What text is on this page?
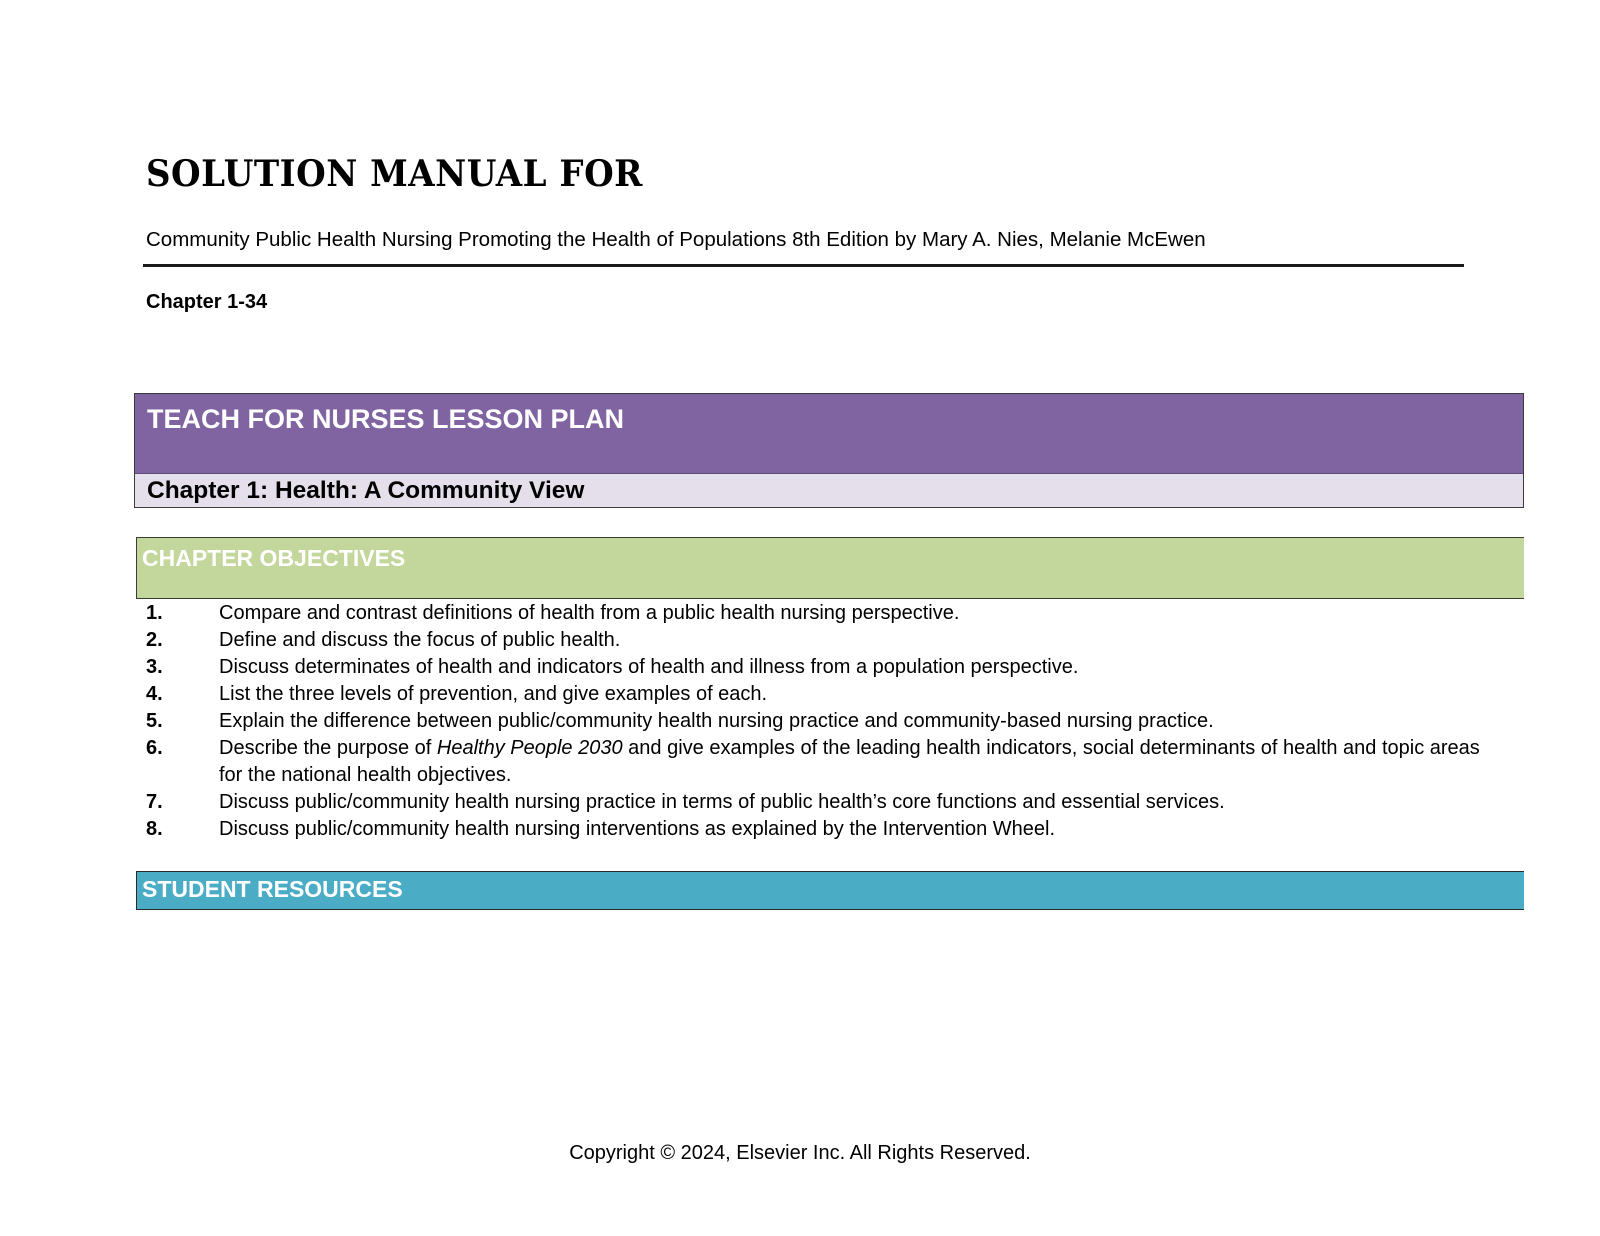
SOLUTION MANUAL FOR
Community Public Health Nursing Promoting the Health of Populations 8th Edition by Mary A. Nies, Melanie McEwen
Chapter 1-34
TEACH FOR NURSES LESSON PLAN
Chapter 1: Health: A Community View
CHAPTER OBJECTIVES
1.	Compare and contrast definitions of health from a public health nursing perspective.
2.	Define and discuss the focus of public health.
3.	Discuss determinates of health and indicators of health and illness from a population perspective.
4.	List the three levels of prevention, and give examples of each.
5.	Explain the difference between public/community health nursing practice and community-based nursing practice.
6.	Describe the purpose of Healthy People 2030 and give examples of the leading health indicators, social determinants of health and topic areas for the national health objectives.
7.	Discuss public/community health nursing practice in terms of public health’s core functions and essential services.
8.	Discuss public/community health nursing interventions as explained by the Intervention Wheel.
STUDENT RESOURCES
Copyright © 2024, Elsevier Inc. All Rights Reserved.
